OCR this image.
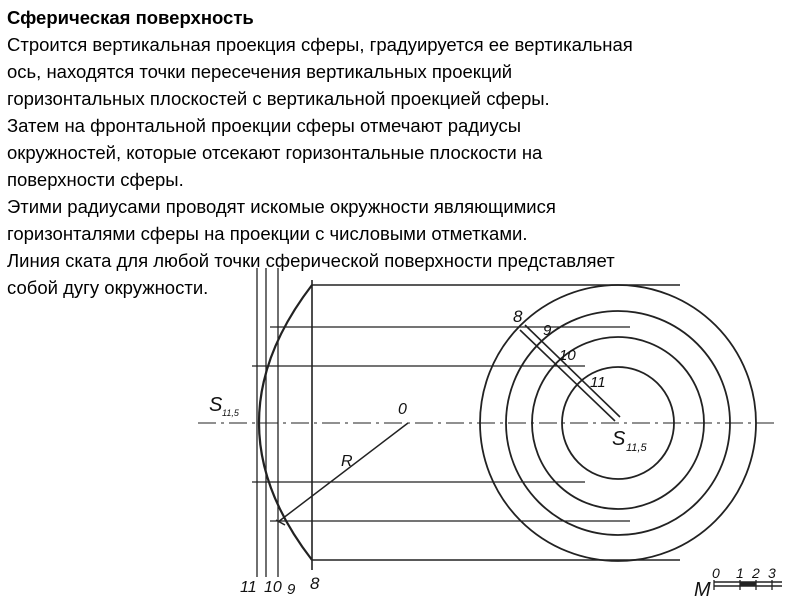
Сферическая поверхность
Строится вертикальная проекция сферы, градуируется ее вертикальная
ось, находятся точки пересечения вертикальных проекций
горизонтальных плоскостей с вертикальной проекцией сферы.
Затем на фронтальной проекции сферы отмечают радиусы
окружностей, которые отсекают горизонтальные плоскости на
поверхности сферы.
Этими радиусами проводят искомые окружности являющимися
горизонталями сферы на проекции с числовыми отметками.
Линия ската для любой точки сферической поверхности представляет
собой дугу окружности.
S 11,5
S 11,5
0
R
11 10 9 8
8
9
10
11
M
0 1 2 3
